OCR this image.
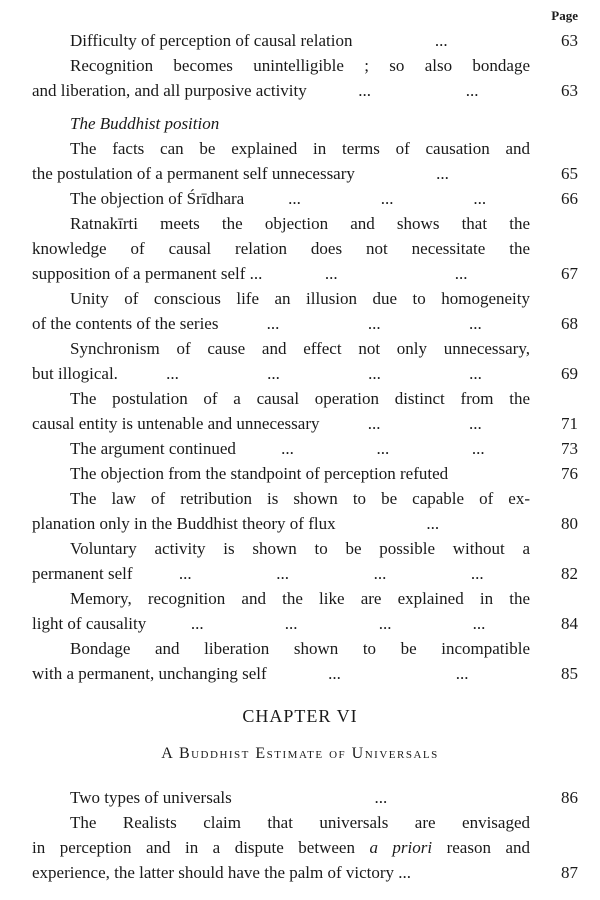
Page
Difficulty of perception of causal relation	...	63
Recognition becomes unintelligible ; so also bondage
and liberation, and all purposive activity	...	...	63
The Buddhist position
The facts can be explained in terms of causation and
the postulation of a permanent self unnecessary	...	65
The objection of Śrīdhara	...	...	...	66
Ratnakīrti meets the objection and shows that the
knowledge of causal relation does not necessitate the
supposition of a permanent self ...	...	...	67
Unity of conscious life an illusion due to homogeneity
of the contents of the series	...	...	...	68
Synchronism of cause and effect not only unnecessary,
but illogical.	...	...	...	...	69
The postulation of a causal operation distinct from the
causal entity is untenable and unnecessary	...	...	71
The argument continued	...	...	...	73
The objection from the standpoint of perception refuted	76
The law of retribution is shown to be capable of ex-
planation only in the Buddhist theory of flux	...	80
Voluntary activity is shown to be possible without a
permanent self	...	...	...	...	82
Memory, recognition and the like are explained in the
light of causality	...	...	...	...	84
Bondage and liberation shown to be incompatible
with a permanent, unchanging self	...	...	85
CHAPTER VI
A Buddhist Estimate of Universals
Two types of universals	...	86
The Realists claim that universals are envisaged
in perception and in a dispute between a priori reason and
experience, the latter should have the palm of victory ...	87
